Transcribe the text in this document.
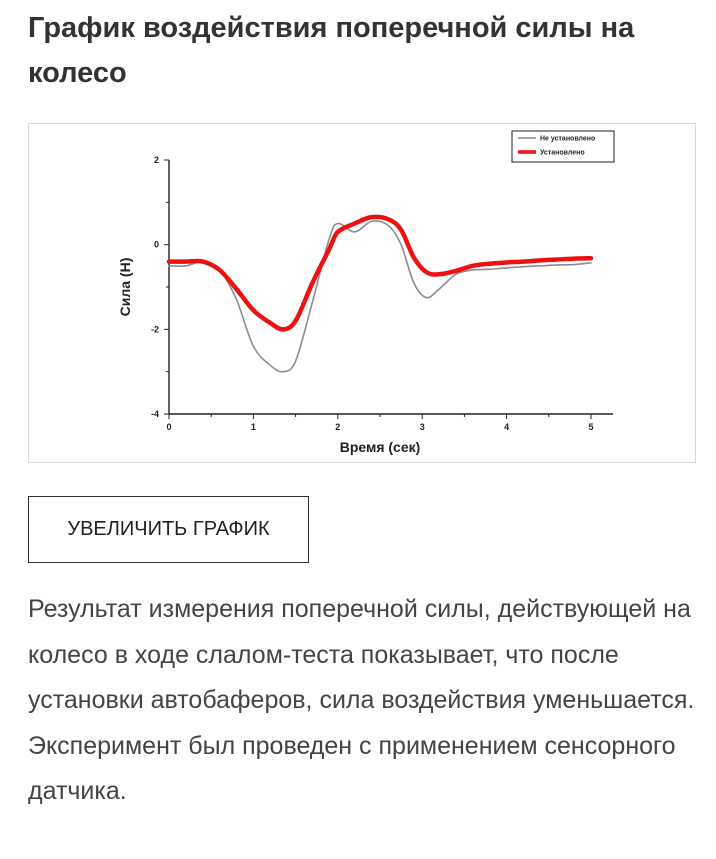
График воздействия поперечной силы на колесо
0	1	2	3	4	5
2
0
-2
-4
Время (сек)
Сила (Н)
Не установлено
Установлено
УВЕЛИЧИТЬ ГРАФИК

Результат измерения поперечной силы, действующей на колесо в ходе слалом-теста показывает, что после установки автобаферов, сила воздействия уменьшается. Эксперимент был проведен с применением сенсорного датчика.
